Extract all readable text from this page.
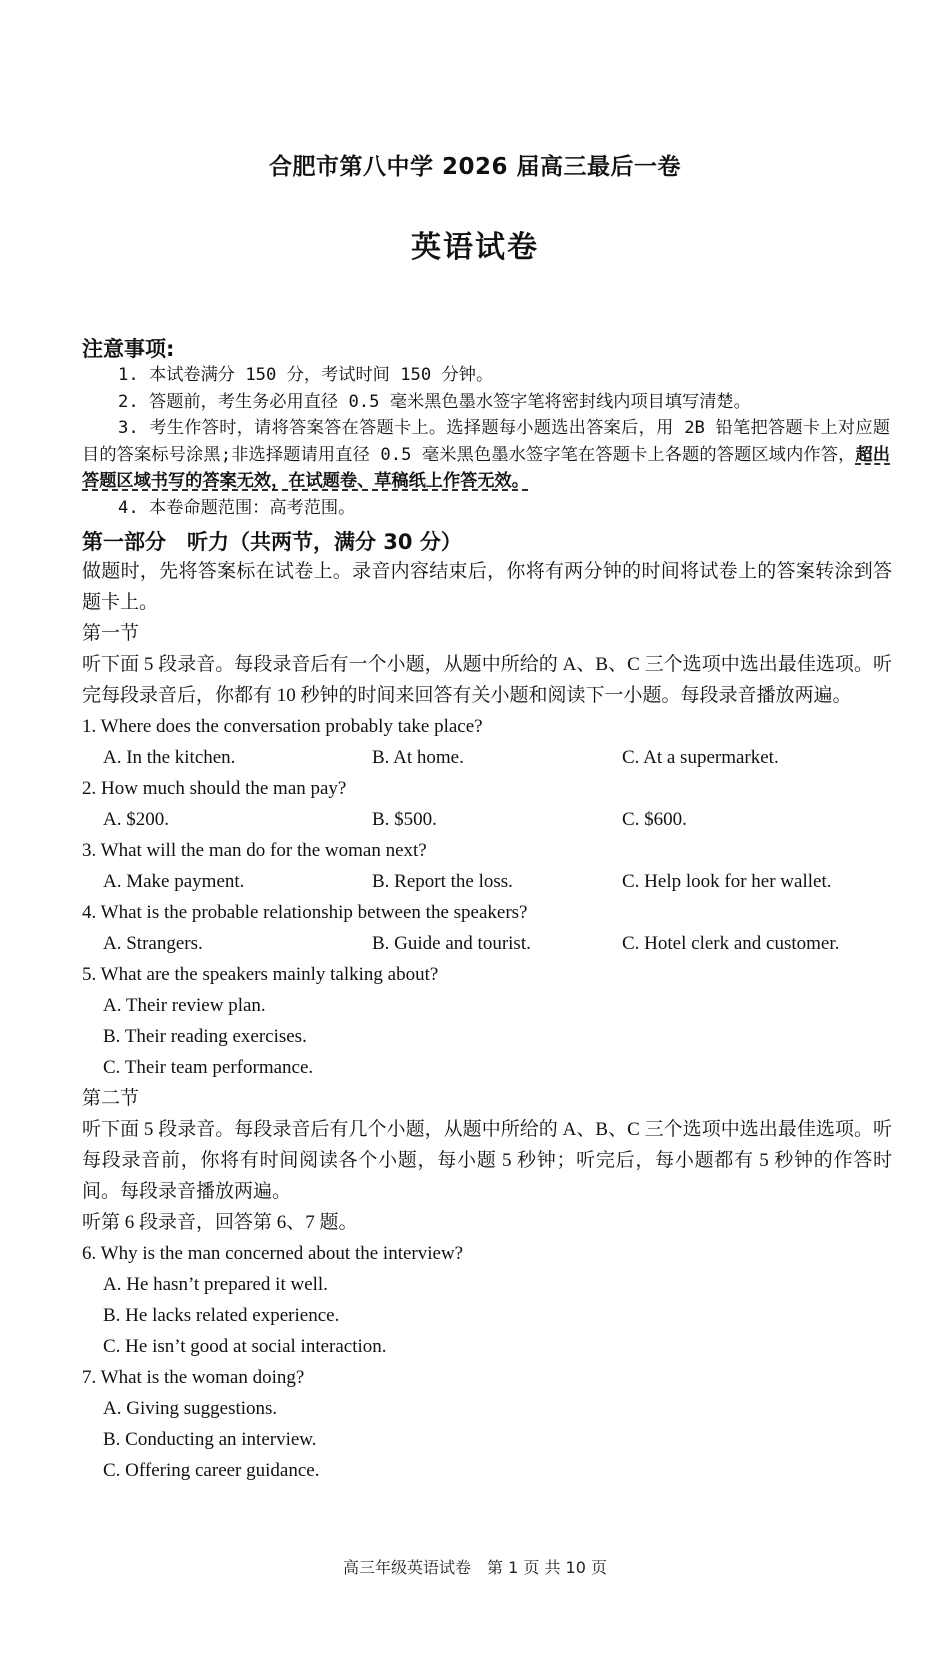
合肥市第八中学 2026 届高三最后一卷
英语试卷
注意事项:

1. 本试卷满分 150 分，考试时间 150 分钟。

2. 答题前，考生务必用直径 0.5 毫米黑色墨水签字笔将密封线内项目填写清楚。

3. 考生作答时，请将答案答在答题卡上。选择题每小题选出答案后，用 2B 铅笔把答题卡上对应题目的答案标号涂黑;非选择题请用直径 0.5 毫米黑色墨水签字笔在答题卡上各题的答题区域内作答，超出答题区域书写的答案无效，在试题卷、草稿纸上作答无效。

4. 本卷命题范围：高考范围。

第一部分　听力（共两节，满分 30 分）

做题时，先将答案标在试卷上。录音内容结束后，你将有两分钟的时间将试卷上的答案转涂到答题卡上。

第一节

听下面 5 段录音。每段录音后有一个小题，从题中所给的 A、B、C 三个选项中选出最佳选项。听完每段录音后，你都有 10 秒钟的时间来回答有关小题和阅读下一小题。每段录音播放两遍。

1. Where does the conversation probably take place?

A. In the kitchen.	B. At home.	C. At a supermarket.

2. How much should the man pay?

A. $200.	B. $500.	C. $600.

3. What will the man do for the woman next?

A. Make payment.	B. Report the loss.	C. Help look for her wallet.

4. What is the probable relationship between the speakers?

A. Strangers.	B. Guide and tourist.	C. Hotel clerk and customer.

5. What are the speakers mainly talking about?

A. Their review plan.

B. Their reading exercises.

C. Their team performance.

第二节

听下面 5 段录音。每段录音后有几个小题，从题中所给的 A、B、C 三个选项中选出最佳选项。听每段录音前，你将有时间阅读各个小题，每小题 5 秒钟；听完后，每小题都有 5 秒钟的作答时间。每段录音播放两遍。

听第 6 段录音，回答第 6、7 题。

6. Why is the man concerned about the interview?

A. He hasn’t prepared it well.

B. He lacks related experience.

C. He isn’t good at social interaction.

7. What is the woman doing?

A. Giving suggestions.

B. Conducting an interview.

C. Offering career guidance.

高三年级英语试卷　第 1 页 共 10 页
